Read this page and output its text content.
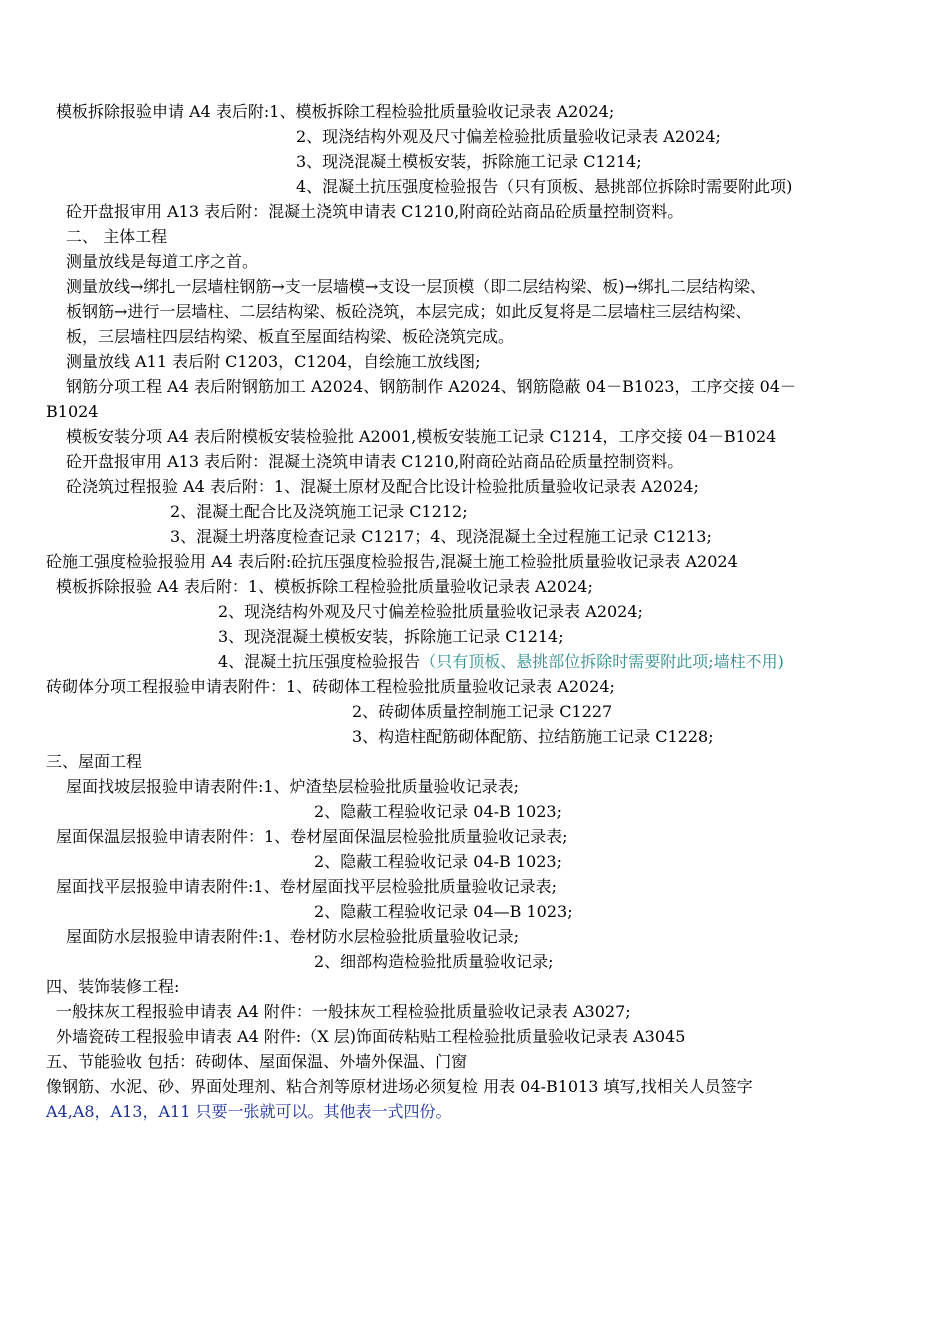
模板拆除报验申请 A4 表后附:1、模板拆除工程检验批质量验收记录表 A2024;
2、现浇结构外观及尺寸偏差检验批质量验收记录表 A2024;
3、现浇混凝土模板安装，拆除施工记录 C1214;
4、混凝土抗压强度检验报告（只有顶板、悬挑部位拆除时需要附此项)
砼开盘报审用 A13 表后附：混凝土浇筑申请表 C1210,附商砼站商品砼质量控制资料。
二、 主体工程
测量放线是每道工序之首。
测量放线→绑扎一层墙柱钢筋→支一层墙模→支设一层顶模（即二层结构梁、板)→绑扎二层结构梁、
板钢筋→进行一层墙柱、二层结构梁、板砼浇筑，本层完成；如此反复将是二层墙柱三层结构梁、
板，三层墙柱四层结构梁、板直至屋面结构梁、板砼浇筑完成。
测量放线 A11 表后附 C1203，C1204，自绘施工放线图;
钢筋分项工程 A4 表后附钢筋加工 A2024、钢筋制作 A2024、钢筋隐蔽 04－B1023，工序交接 04－
B1024
模板安装分项 A4 表后附模板安装检验批 A2001,模板安装施工记录 C1214，工序交接 04－B1024
砼开盘报审用 A13 表后附：混凝土浇筑申请表 C1210,附商砼站商品砼质量控制资料。
砼浇筑过程报验 A4 表后附：1、混凝土原材及配合比设计检验批质量验收记录表 A2024;
2、混凝土配合比及浇筑施工记录 C1212;
3、混凝土坍落度检查记录 C1217；4、现浇混凝土全过程施工记录 C1213;
砼施工强度检验报验用 A4 表后附:砼抗压强度检验报告,混凝土施工检验批质量验收记录表 A2024
模板拆除报验 A4 表后附：1、模板拆除工程检验批质量验收记录表 A2024;
2、现浇结构外观及尺寸偏差检验批质量验收记录表 A2024;
3、现浇混凝土模板安装，拆除施工记录 C1214;
4、混凝土抗压强度检验报告（只有顶板、悬挑部位拆除时需要附此项;墙柱不用)
砖砌体分项工程报验申请表附件：1、砖砌体工程检验批质量验收记录表 A2024;
2、砖砌体质量控制施工记录 C1227
3、构造柱配筋砌体配筋、拉结筋施工记录 C1228;
三、屋面工程
屋面找坡层报验申请表附件:1、炉渣垫层检验批质量验收记录表;
2、隐蔽工程验收记录 04-B 1023;
屋面保温层报验申请表附件：1、卷材屋面保温层检验批质量验收记录表;
2、隐蔽工程验收记录 04-B 1023;
屋面找平层报验申请表附件:1、卷材屋面找平层检验批质量验收记录表;
2、隐蔽工程验收记录 04—B 1023;
屋面防水层报验申请表附件:1、卷材防水层检验批质量验收记录;
2、细部构造检验批质量验收记录;
四、装饰装修工程:
一般抹灰工程报验申请表 A4 附件：一般抹灰工程检验批质量验收记录表 A3027;
外墙瓷砖工程报验申请表 A4 附件:（X 层)饰面砖粘贴工程检验批质量验收记录表 A3045
五、节能验收 包括：砖砌体、屋面保温、外墙外保温、门窗
像钢筋、水泥、砂、界面处理剂、粘合剂等原材进场必须复检 用表 04-B1013 填写,找相关人员签字
A4,A8，A13，A11 只要一张就可以。其他表一式四份。
